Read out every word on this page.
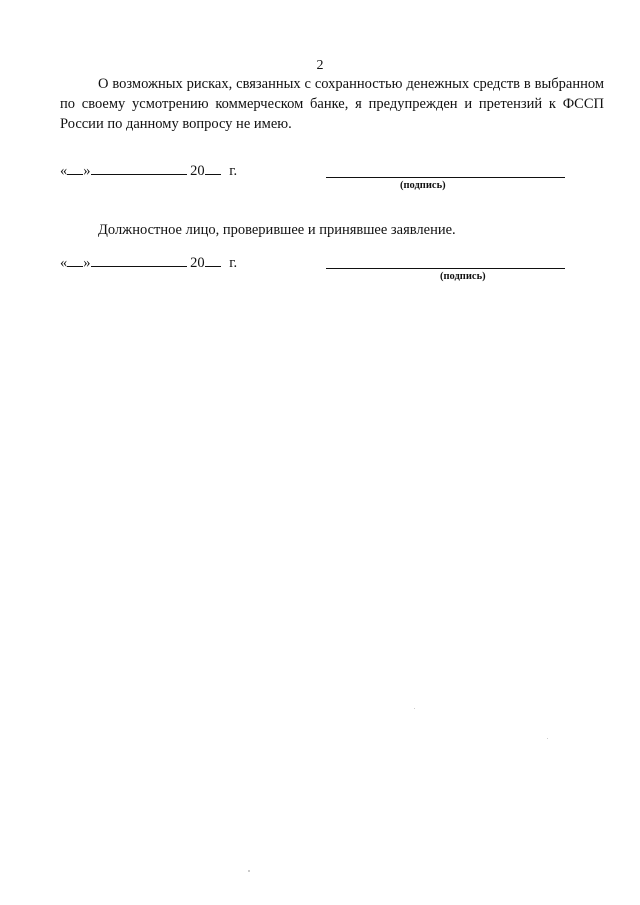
2
О возможных рисках, связанных с сохранностью денежных средств в выбранном по своему усмотрению коммерческом банке, я предупрежден и претензий к ФССП России по данному вопросу не имею.
« »	20 г.
(подпись)
Должностное лицо, проверившее и принявшее заявление.
« »	20 г.
(подпись)
